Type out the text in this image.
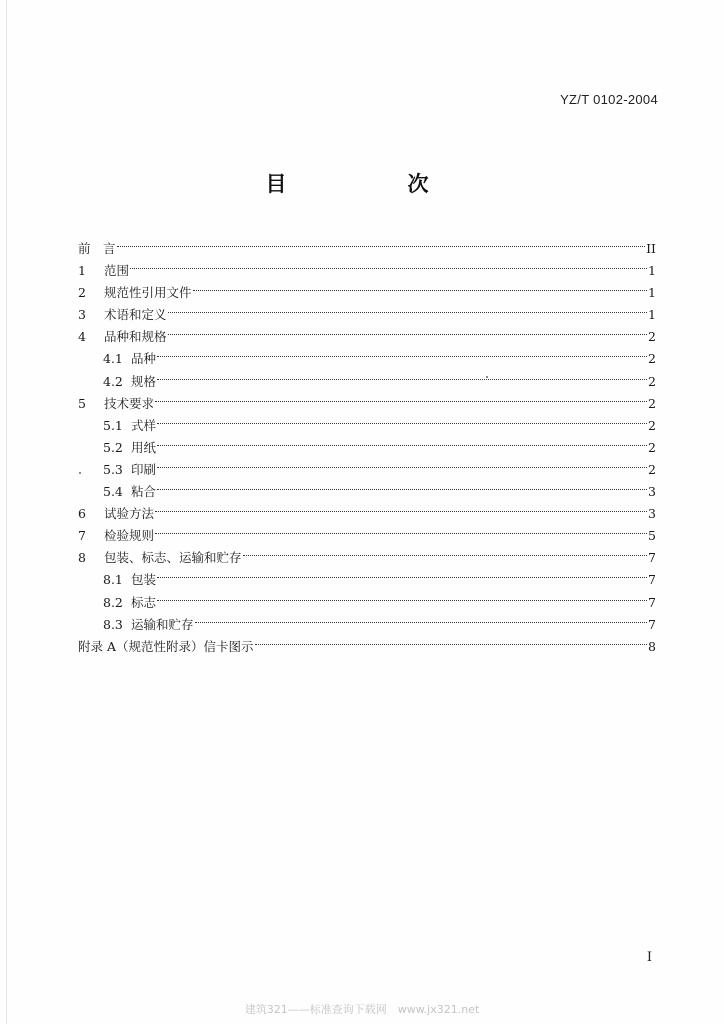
YZ/T 0102-2004
目　次
前　言	II
1	范围	1
2	规范性引用文件	1
3	术语和定义	1
4	品种和规格	2
4.1 品种	2
4.2 规格	2
5	技术要求	2
5.1 式样	2
5.2 用纸	2
5.3 印刷	2
5.4 粘合	3
6	试验方法	3
7	检验规则	5
8	包装、标志、运输和贮存	7
8.1 包装	7
8.2 标志	7
8.3 运输和贮存	7
附录 A（规范性附录）信卡图示	8
I
建筑321——标准查询下载网　www.jx321.net
